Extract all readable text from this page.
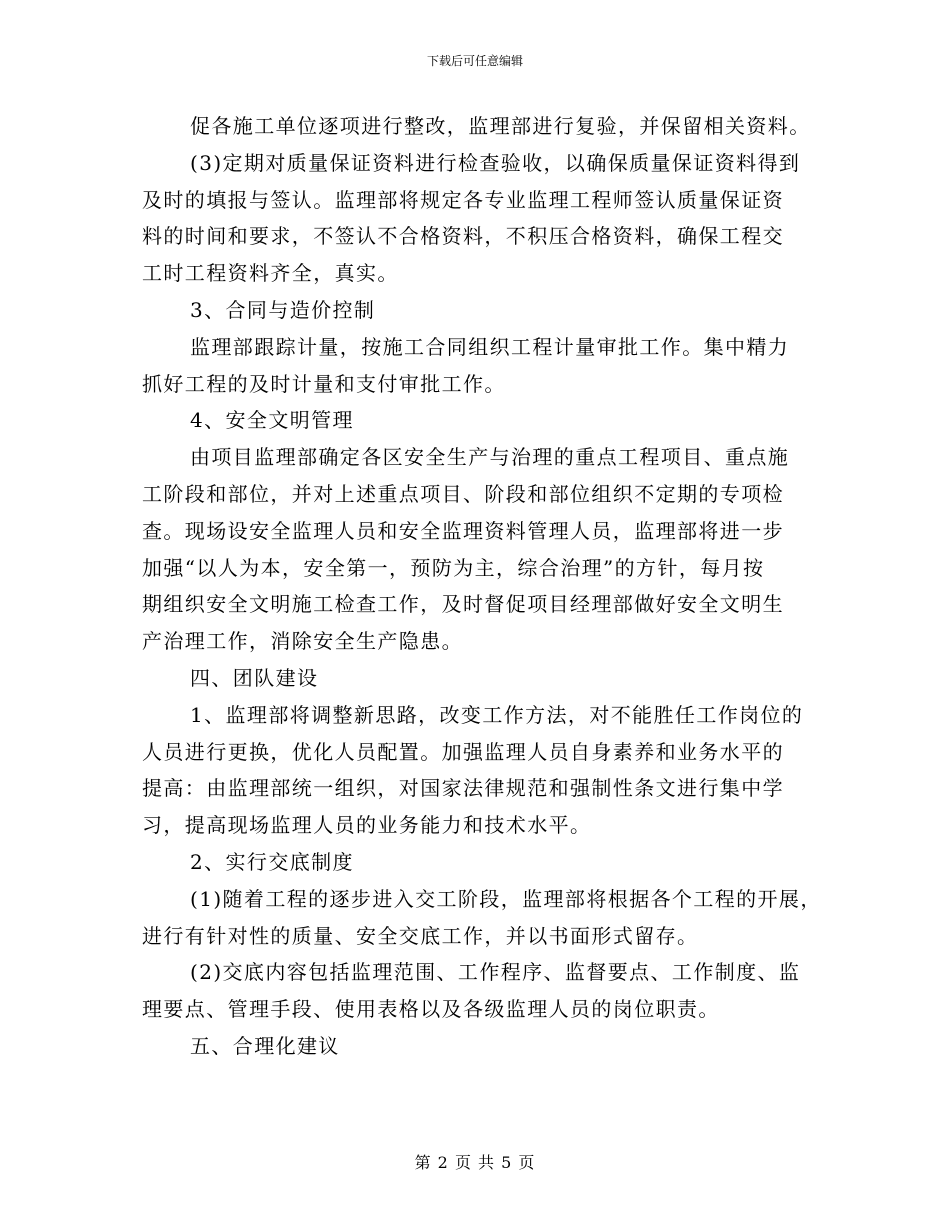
下载后可任意编辑
促各施工单位逐项进行整改，监理部进行复验，并保留相关资料。
(3)定期对质量保证资料进行检查验收，以确保质量保证资料得到
及时的填报与签认。监理部将规定各专业监理工程师签认质量保证资
料的时间和要求，不签认不合格资料，不积压合格资料，确保工程交
工时工程资料齐全，真实。
3、合同与造价控制
监理部跟踪计量，按施工合同组织工程计量审批工作。集中精力
抓好工程的及时计量和支付审批工作。
4、安全文明管理
由项目监理部确定各区安全生产与治理的重点工程项目、重点施
工阶段和部位，并对上述重点项目、阶段和部位组织不定期的专项检
查。现场设安全监理人员和安全监理资料管理人员，监理部将进一步
加强“以人为本，安全第一，预防为主，综合治理”的方针，每月按
期组织安全文明施工检查工作，及时督促项目经理部做好安全文明生
产治理工作，消除安全生产隐患。
四、团队建设
1、监理部将调整新思路，改变工作方法，对不能胜任工作岗位的
人员进行更换，优化人员配置。加强监理人员自身素养和业务水平的
提高：由监理部统一组织，对国家法律规范和强制性条文进行集中学
习，提高现场监理人员的业务能力和技术水平。
2、实行交底制度
(1)随着工程的逐步进入交工阶段，监理部将根据各个工程的开展，
进行有针对性的质量、安全交底工作，并以书面形式留存。
(2)交底内容包括监理范围、工作程序、监督要点、工作制度、监
理要点、管理手段、使用表格以及各级监理人员的岗位职责。
五、合理化建议
第 2 页 共 5 页
